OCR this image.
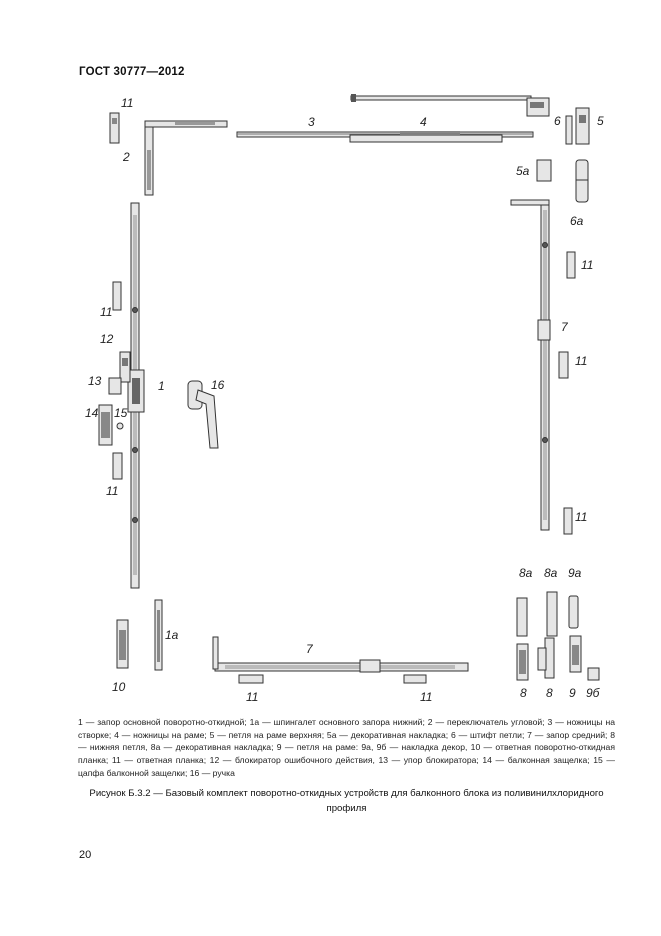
ГОСТ 30777—2012
11
2
3	4	6	5
5а
6а
11
11
7
12
11
13	1	16
14 15
11
11
8а 8а 9а
1а
7
10	8 8 9 9б
11	11
1 — запор основной поворотно-откидной; 1а — шпингалет основного запора нижний; 2 — переключатель угловой; 3 — ножницы на створке; 4 — ножницы на раме; 5 — петля на раме верхняя; 5а — декоративная накладка; 6 — штифт петли; 7 — запор средний; 8 — нижняя петля, 8а — декоративная накладка; 9 — петля на раме: 9а, 9б — накладка декор, 10 — ответная поворотно-откидная планка; 11 — ответная планка; 12 — блокиратор ошибочного действия, 13 — упор блокиратора; 14 — балконная защелка; 15 — цапфа балконной защелки; 16 — ручка
Рисунок Б.3.2 — Базовый комплект поворотно-откидных устройств для балконного блока из поливинилхлоридного профиля
20
